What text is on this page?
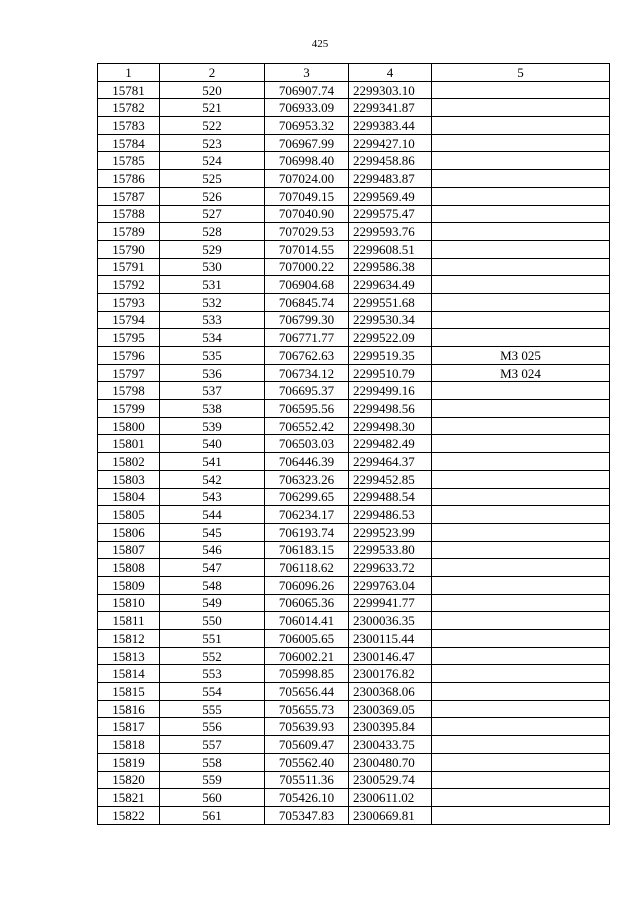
425
1	2	3	4	5
15781	520	706907.74	2299303.10	
15782	521	706933.09	2299341.87	
15783	522	706953.32	2299383.44	
15784	523	706967.99	2299427.10	
15785	524	706998.40	2299458.86	
15786	525	707024.00	2299483.87	
15787	526	707049.15	2299569.49	
15788	527	707040.90	2299575.47	
15789	528	707029.53	2299593.76	
15790	529	707014.55	2299608.51	
15791	530	707000.22	2299586.38	
15792	531	706904.68	2299634.49	
15793	532	706845.74	2299551.68	
15794	533	706799.30	2299530.34	
15795	534	706771.77	2299522.09	
15796	535	706762.63	2299519.35	МЗ 025
15797	536	706734.12	2299510.79	МЗ 024
15798	537	706695.37	2299499.16	
15799	538	706595.56	2299498.56	
15800	539	706552.42	2299498.30	
15801	540	706503.03	2299482.49	
15802	541	706446.39	2299464.37	
15803	542	706323.26	2299452.85	
15804	543	706299.65	2299488.54	
15805	544	706234.17	2299486.53	
15806	545	706193.74	2299523.99	
15807	546	706183.15	2299533.80	
15808	547	706118.62	2299633.72	
15809	548	706096.26	2299763.04	
15810	549	706065.36	2299941.77	
15811	550	706014.41	2300036.35	
15812	551	706005.65	2300115.44	
15813	552	706002.21	2300146.47	
15814	553	705998.85	2300176.82	
15815	554	705656.44	2300368.06	
15816	555	705655.73	2300369.05	
15817	556	705639.93	2300395.84	
15818	557	705609.47	2300433.75	
15819	558	705562.40	2300480.70	
15820	559	705511.36	2300529.74	
15821	560	705426.10	2300611.02	
15822	561	705347.83	2300669.81	
